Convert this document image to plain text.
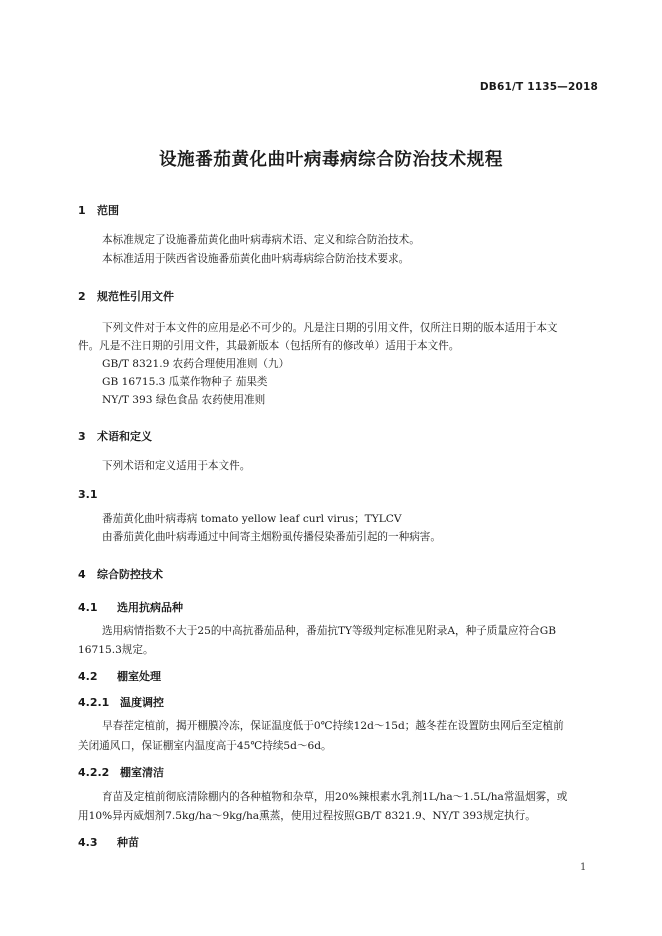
DB61/T 1135—2018
设施番茄黄化曲叶病毒病综合防治技术规程
1 范围
本标准规定了设施番茄黄化曲叶病毒病术语、定义和综合防治技术。
本标准适用于陕西省设施番茄黄化曲叶病毒病综合防治技术要求。
2 规范性引用文件
下列文件对于本文件的应用是必不可少的。凡是注日期的引用文件，仅所注日期的版本适用于本文
件。凡是不注日期的引用文件，其最新版本（包括所有的修改单）适用于本文件。
GB/T 8321.9 农药合理使用准则（九）
GB 16715.3 瓜菜作物种子 茄果类
NY/T 393 绿色食品 农药使用准则
3 术语和定义
下列术语和定义适用于本文件。
3.1
番茄黄化曲叶病毒病 tomato yellow leaf curl virus；TYLCV
由番茄黄化曲叶病毒通过中间寄主烟粉虱传播侵染番茄引起的一种病害。
4 综合防控技术
4.1 选用抗病品种
选用病情指数不大于25的中高抗番茄品种，番茄抗TY等级判定标准见附录A，种子质量应符合GB
16715.3规定。
4.2 棚室处理
4.2.1 温度调控
早春茬定植前，揭开棚膜冷冻，保证温度低于0℃持续12d～15d；越冬茬在设置防虫网后至定植前
关闭通风口，保证棚室内温度高于45℃持续5d～6d。
4.2.2 棚室清洁
育苗及定植前彻底清除棚内的各种植物和杂草，用20%辣根素水乳剂1L/ha～1.5L/ha常温烟雾，或
用10%异丙威烟剂7.5kg/ha～9kg/ha熏蒸，使用过程按照GB/T 8321.9、NY/T 393规定执行。
4.3 种苗
1
